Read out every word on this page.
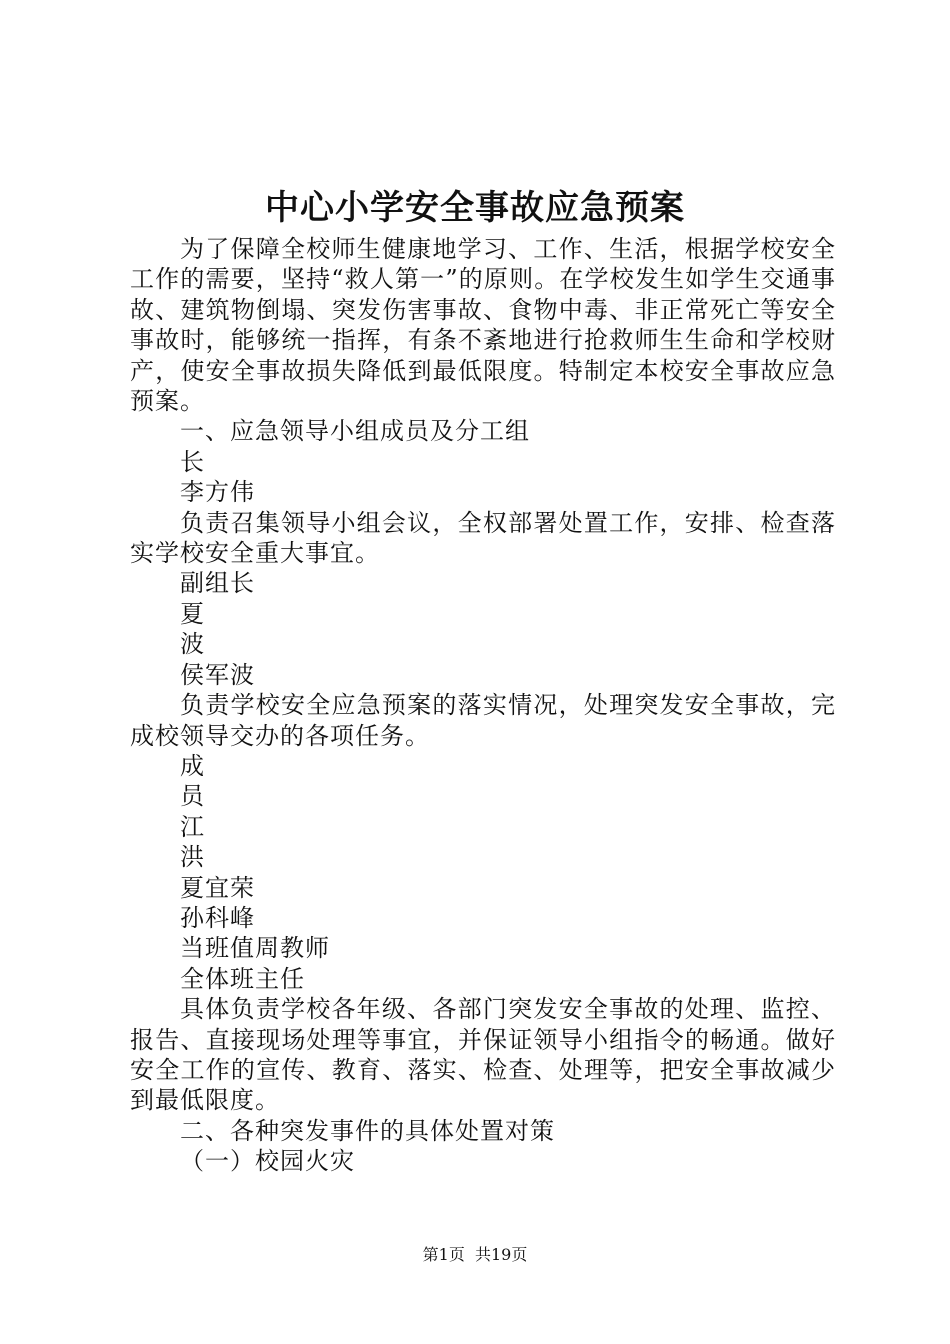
中心小学安全事故应急预案

为了保障全校师生健康地学习、工作、生活，根据学校安全工作的需要，坚持“救人第一”的原则。在学校发生如学生交通事故、建筑物倒塌、突发伤害事故、食物中毒、非正常死亡等安全事故时，能够统一指挥，有条不紊地进行抢救师生生命和学校财产，使安全事故损失降低到最低限度。特制定本校安全事故应急预案。

一、应急领导小组成员及分工组

长

李方伟

负责召集领导小组会议，全权部署处置工作，安排、检查落实学校安全重大事宜。

副组长

夏

波

侯军波

负责学校安全应急预案的落实情况，处理突发安全事故，完成校领导交办的各项任务。

成

员

江

洪

夏宜荣

孙科峰

当班值周教师

全体班主任

具体负责学校各年级、各部门突发安全事故的处理、监控、报告、直接现场处理等事宜，并保证领导小组指令的畅通。做好安全工作的宣传、教育、落实、检查、处理等，把安全事故减少到最低限度。

二、各种突发事件的具体处置对策

（一）校园火灾

第1页  共19页
